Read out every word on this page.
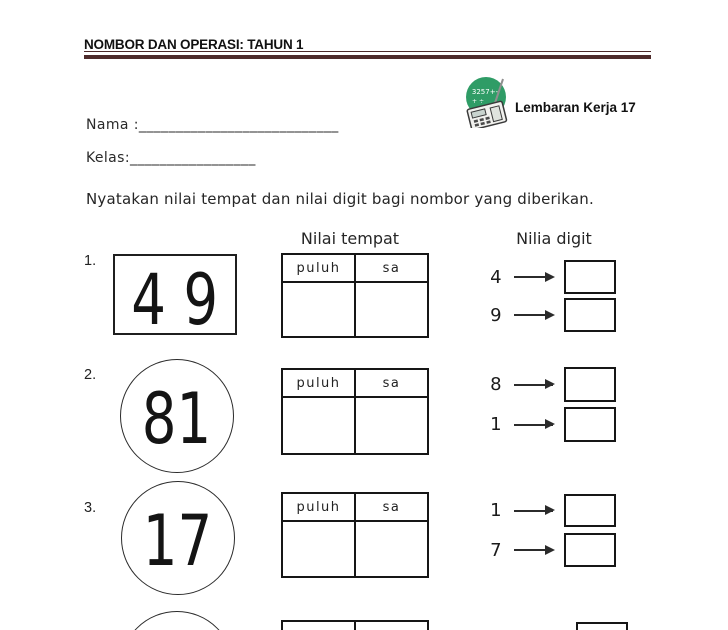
NOMBOR DAN OPERASI: TAHUN 1
3257+-
+ ÷ Lembaran Kerja 17
Nama :___________________________
Kelas:_________________
Nyatakan nilai tempat dan nilai digit bagi nombor yang diberikan.
Nilai tempat	Nilia digit
1. 4 9	puluh	sa	4
9
2.
81	puluh	sa	8
1
3. 17	puluh	sa	1
7
